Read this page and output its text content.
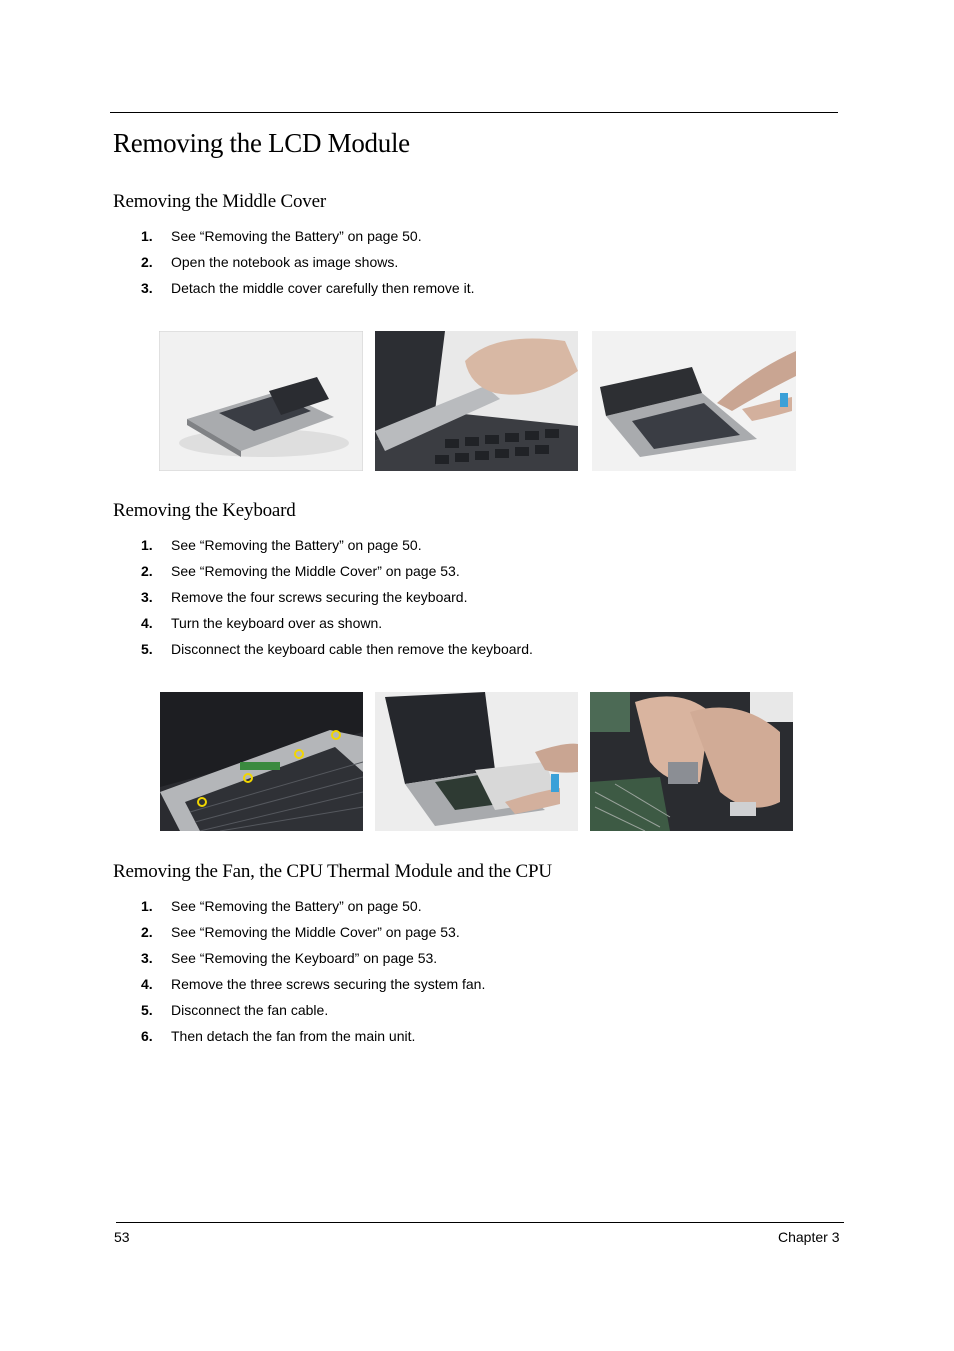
Removing the LCD Module
Removing the Middle Cover
1. See “Removing the Battery” on page 50.
2. Open the notebook as image shows.
3. Detach the middle cover carefully then remove it.
Removing the Keyboard
1. See “Removing the Battery” on page 50.
2. See “Removing the Middle Cover” on page 53.
3. Remove the four screws securing the keyboard.
4. Turn the keyboard over as shown.
5. Disconnect the keyboard cable then remove the keyboard.
Removing the Fan, the CPU Thermal Module and the CPU
1. See “Removing the Battery” on page 50.
2. See “Removing the Middle Cover” on page 53.
3. See “Removing the Keyboard” on page 53.
4. Remove the three screws securing the system fan.
5. Disconnect the fan cable.
6. Then detach the fan from the main unit.
53	Chapter 3
